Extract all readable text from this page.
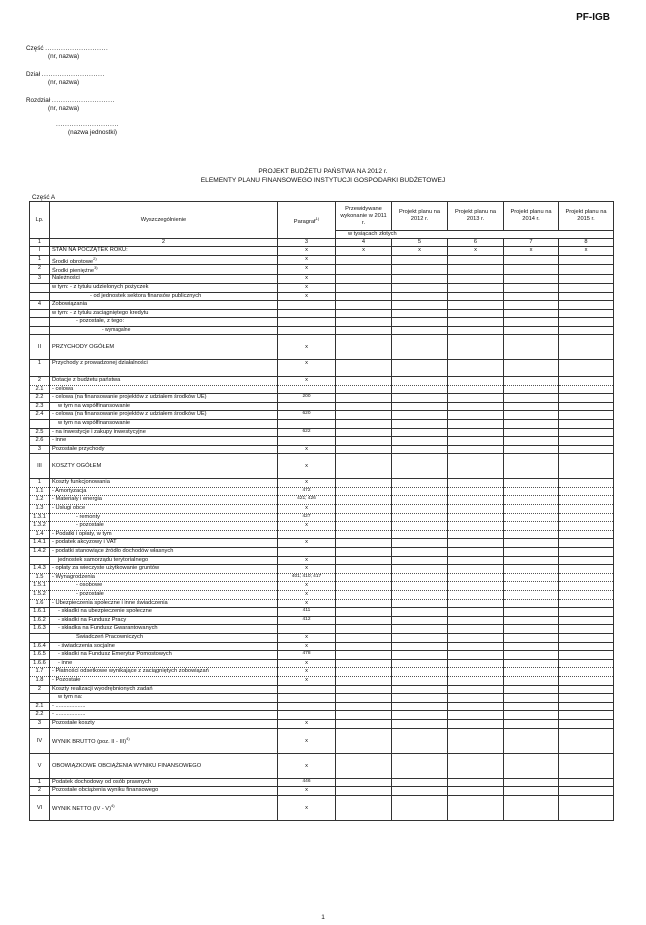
PF-IGB
Część ............................
(nr, nazwa)
Dział ............................
(nr, nazwa)
Rozdział ............................
(nr, nazwa)
............................
(nazwa jednostki)
PROJEKT BUDŻETU PAŃSTWA NA 2012 r.
ELEMENTY PLANU FINANSOWEGO INSTYTUCJI GOSPODARKI BUDŻETOWEJ
Część A
Lp.	Wyszczególnienie	Paragraf$^{1)}$	Przewidywane wykonanie w 2011 r.	Projekt planu na 2012 r.	Projekt planu na 2013 r.	Projekt planu na 2014 r.	Projekt planu na 2015 r.
			w tysiącach złotych				
1	2	3	4	5	6	7	8
I	STAN NA POCZĄTEK ROKU:	x	x	x	x	x	x
1	Środki obrotowe$^{2)}$	x					
2	Środki pieniężne$^{3)}$	x					
3	Należności	x					
	w tym: - z tytułu udzielonych pożyczek	x					
	- od jednostek sektora finansów publicznych	x					
4	Zobowiązania						
	w tym: - z tytułu zaciągniętego kredytu						
	- pozostałe, z tego:						
	- wymagalne						
II	PRZYCHODY OGÓŁEM	x					
1	Przychody z prowadzonej działalności	x					
2	Dotacje z budżetu państwa	x					
2.1	- celowa						
2.2	- celowa (na finansowanie projektów z udziałem środków UE)	200					
2.3	w tym na współfinansowanie						
2.4	- celowa (na finansowanie projektów z udziałem środków UE)	620					
	w tym na współfinansowanie						
2.5	- na inwestycje i zakupy inwestycyjne	622					
2.6	- inne						
3	Pozostałe przychody	x					
III	KOSZTY OGÓŁEM	x					
1	Koszty funkcjonowania	x					
1.1	- Amortyzacja	472					
1.2	- Materiały i energia	421; 426					
1.3	- Usługi obce	x					
1.3.1	- remonty	427					
1.3.2	- pozostałe	x					
1.4	- Podatki i opłaty, w tym						
1.4.1	- podatek akcyzowy i VAT	x					
1.4.2	- podatki stanowiące źródło dochodów własnych						
	jednostek samorządu terytorialnego	x					
1.4.3	- opłaty za wieczyste użytkowanie gruntów	x					
1.5	- Wynagrodzenia	401; 410; 417					
1.5.1	- osobowe	x					
1.5.2	- pozostałe	x					
1.6	- Ubezpieczenia społeczne i inne świadczenia	x					
1.6.1	- składki na ubezpieczenie społeczne	411					
1.6.2	- składki na Fundusz Pracy	412					
1.6.3	- składka na Fundusz Gwarantowanych						
	Świadczeń Pracowniczych	x					
1.6.4	- świadczenia socjalne	x					
1.6.5	- składki na Fundusz Emerytur Pomostowych	478					
1.6.6	- inne	x					
1.7	- Płatności odsetkowe wynikające z zaciągniętych zobowiązań	x					
1.8	- Pozostałe	x					
2	Koszty realizacji wyodrębnionych zadań						
	w tym na:						
2.1	- ...................						
2.2	- ...................						
3	Pozostałe koszty	x					
IV	WYNIK BRUTTO (poz. II - III)$^{4)}$	x					
V	OBOWIĄZKOWE OBCIĄŻENIA WYNIKU FINANSOWEGO	x					
1	Podatek dochodowy od osób prawnych	446					
2	Pozostałe obciążenia wyniku finansowego	x					
VI	WYNIK NETTO (IV - V)$^{4)}$	x					
1
